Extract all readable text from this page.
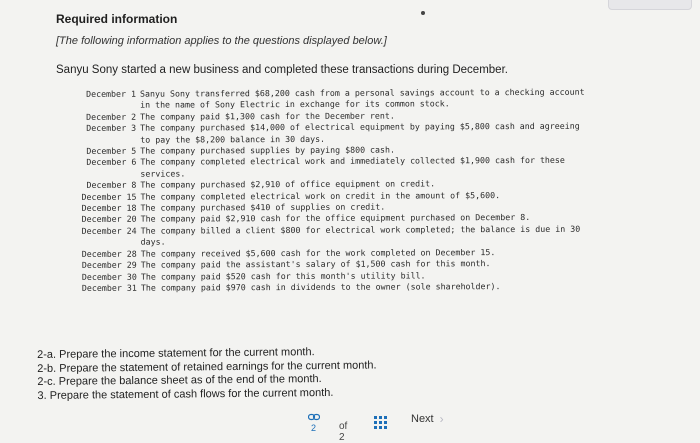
Required information
[The following information applies to the questions displayed below.]
Sanyu Sony started a new business and completed these transactions during December.
December 1 Sanyu Sony transferred $68,200 cash from a personal savings account to a checking account in the name of Sony Electric in exchange for its common stock.
December 2 The company paid $1,300 cash for the December rent.
December 3 The company purchased $14,000 of electrical equipment by paying $5,800 cash and agreeing to pay the $8,200 balance in 30 days.
December 5 The company purchased supplies by paying $800 cash.
December 6 The company completed electrical work and immediately collected $1,900 cash for these services.
December 8 The company purchased $2,910 of office equipment on credit.
December 15 The company completed electrical work on credit in the amount of $5,600.
December 18 The company purchased $410 of supplies on credit.
December 20 The company paid $2,910 cash for the office equipment purchased on December 8.
December 24 The company billed a client $800 for electrical work completed; the balance is due in 30 days.
December 28 The company received $5,600 cash for the work completed on December 15.
December 29 The company paid the assistant's salary of $1,500 cash for this month.
December 30 The company paid $520 cash for this month's utility bill.
December 31 The company paid $970 cash in dividends to the owner (sole shareholder).
2-a. Prepare the income statement for the current month.
2-b. Prepare the statement of retained earnings for the current month.
2-c. Prepare the balance sheet as of the end of the month.
3. Prepare the statement of cash flows for the current month.
2 of 2
Next ›
